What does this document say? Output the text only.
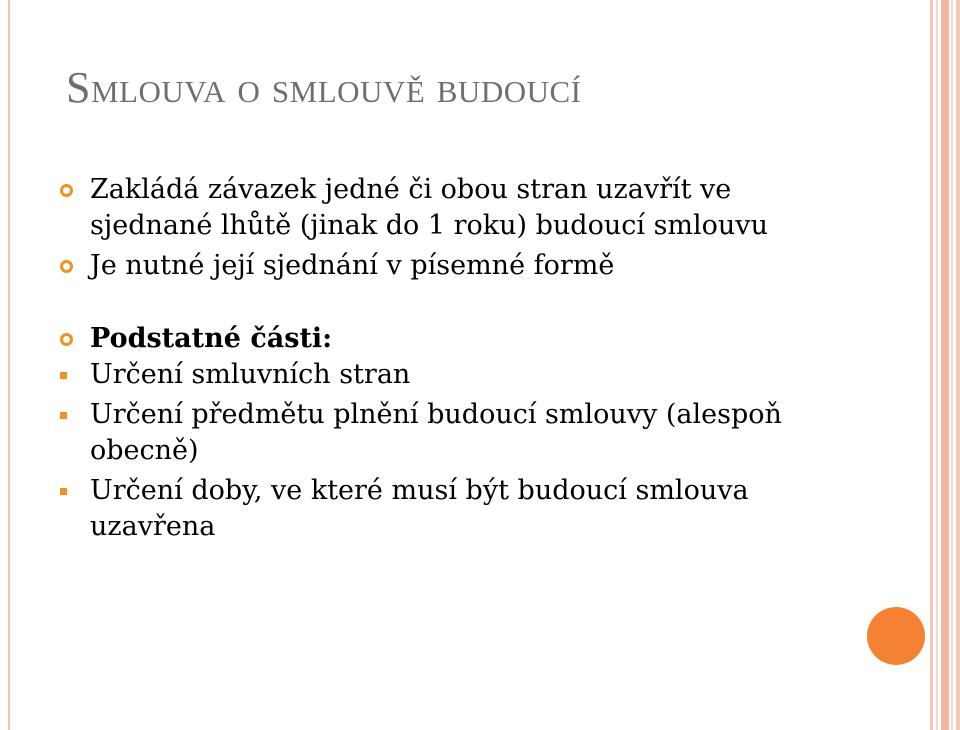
Smlouva o smlouvě budoucí
Zakládá závazek jedné či obou stran uzavřít ve sjednané lhůtě (jinak do 1 roku) budoucí smlouvu
Je nutné její sjednání v písemné formě
Podstatné části:
Určení smluvních stran
Určení předmětu plnění budoucí smlouvy (alespoň obecně)
Určení doby, ve které musí být budoucí smlouva uzavřena
